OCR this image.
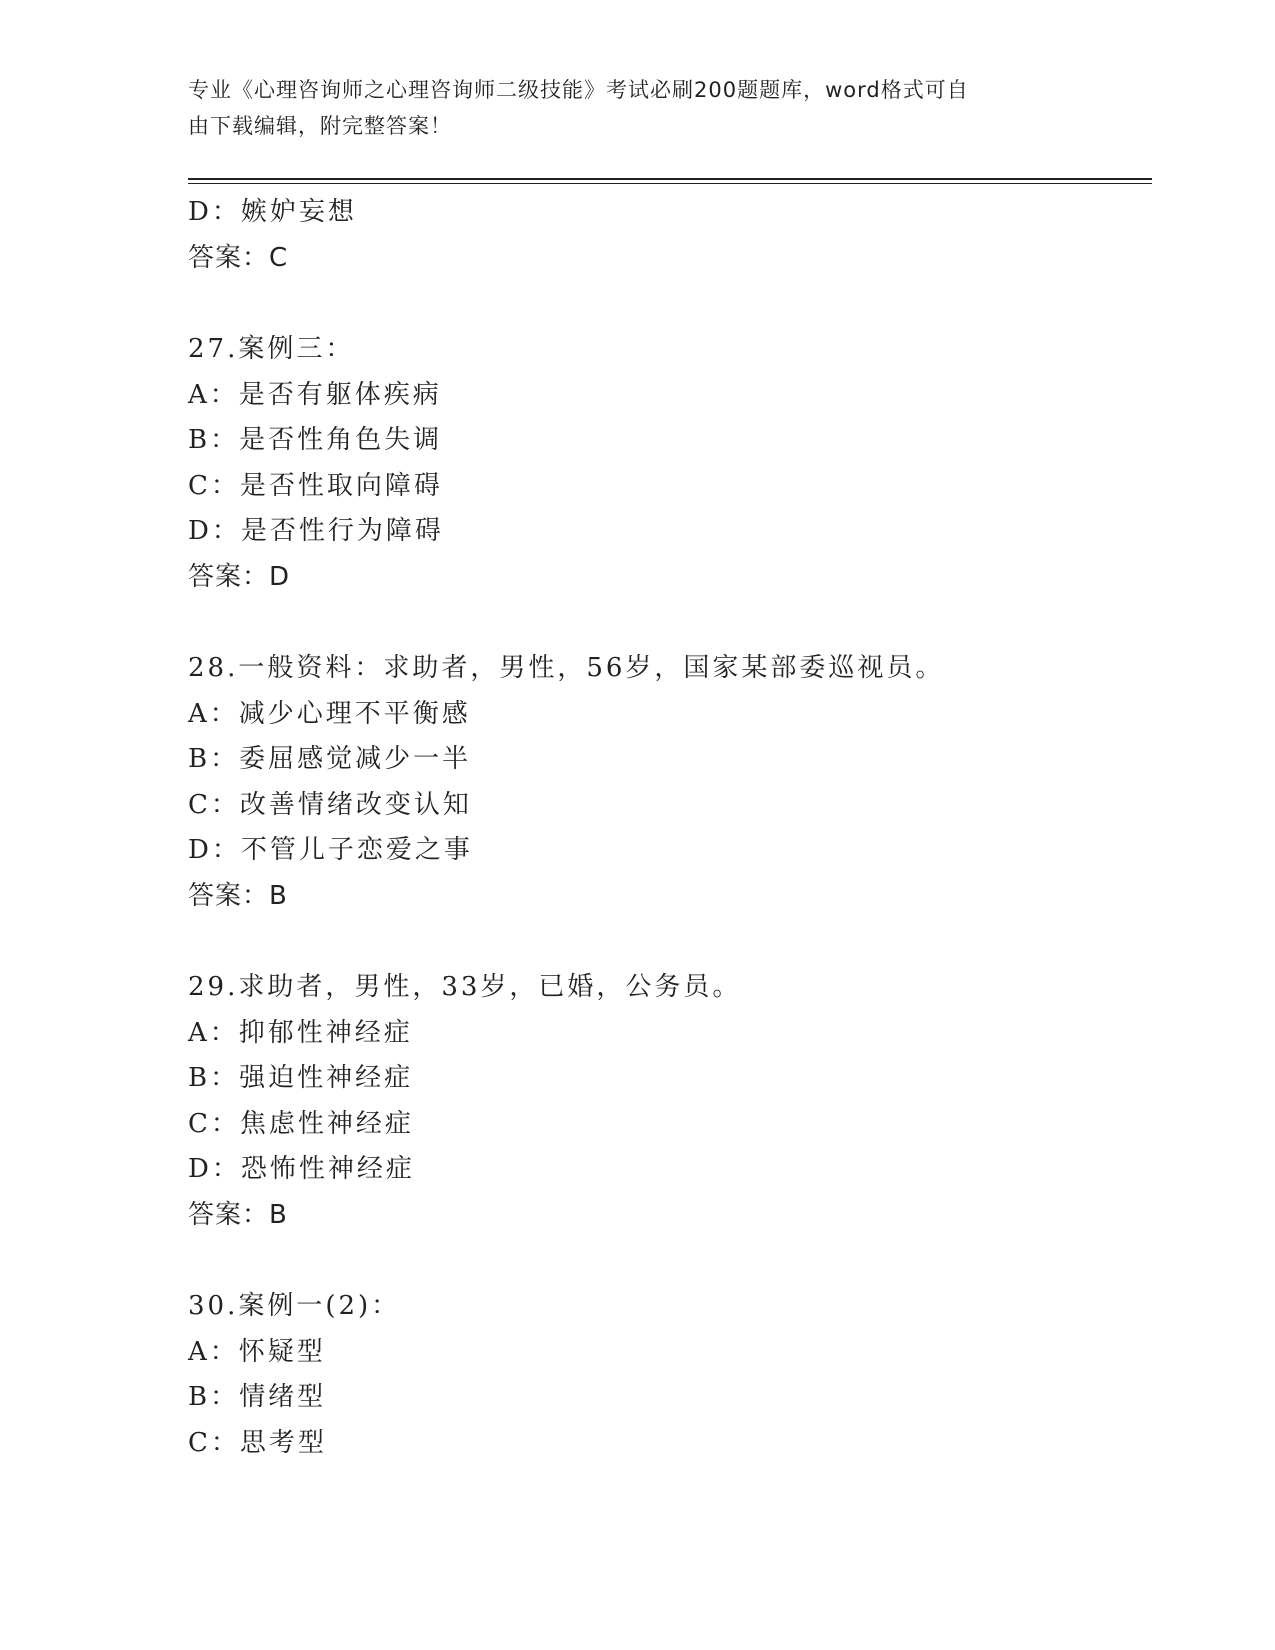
专业《心理咨询师之心理咨询师二级技能》考试必刷200题题库，word格式可自
由下载编辑，附完整答案！
D：嫉妒妄想
答案：C
27.案例三：
A：是否有躯体疾病
B：是否性角色失调
C：是否性取向障碍
D：是否性行为障碍
答案：D
28.一般资料：求助者，男性，56岁，国家某部委巡视员。
A：减少心理不平衡感
B：委屈感觉减少一半
C：改善情绪改变认知
D：不管儿子恋爱之事
答案：B
29.求助者，男性，33岁，已婚，公务员。
A：抑郁性神经症
B：强迫性神经症
C：焦虑性神经症
D：恐怖性神经症
答案：B
30.案例一(2)：
A：怀疑型
B：情绪型
C：思考型
